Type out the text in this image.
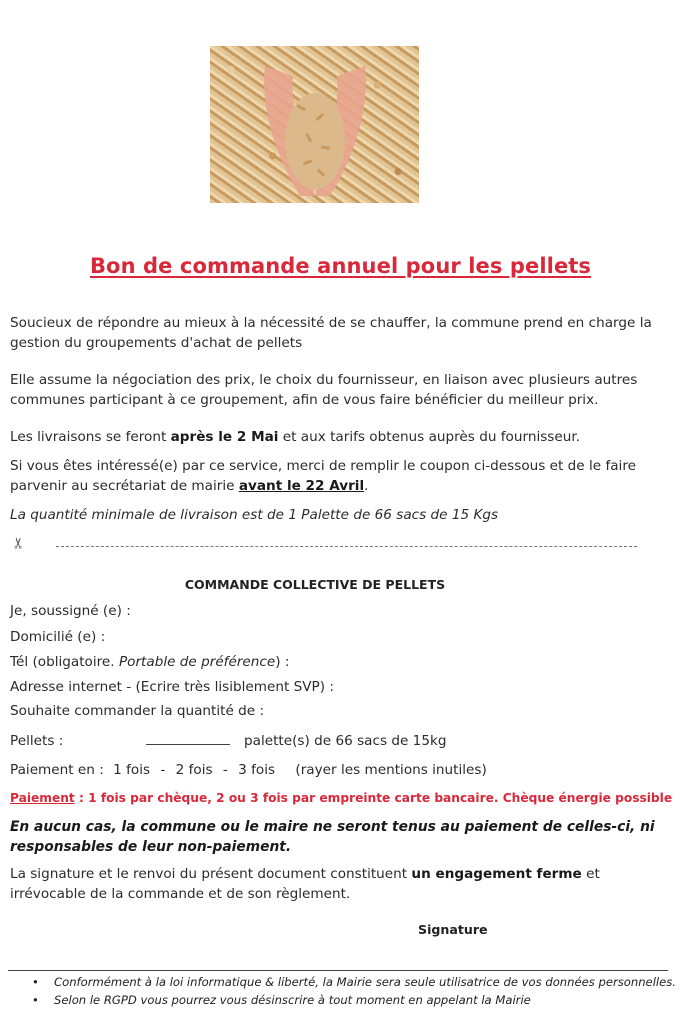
Bon de commande annuel pour les pellets
Soucieux de répondre au mieux à la nécessité de se chauffer, la commune prend en charge la gestion du groupements d'achat de pellets
Elle assume la négociation des prix, le choix du fournisseur, en liaison avec plusieurs autres communes participant à ce groupement, afin de vous faire bénéficier du meilleur prix.
Les livraisons se feront après le 2 Mai et aux tarifs obtenus auprès du fournisseur.
Si vous êtes intéressé(e) par ce service, merci de remplir le coupon ci-dessous et de le faire parvenir au secrétariat de mairie avant le 22 Avril.
La quantité minimale de livraison est de 1 Palette de 66 sacs de 15 Kgs
✂
COMMANDE COLLECTIVE DE PELLETS
Je, soussigné (e) :
Domicilié (e) :
Tél (obligatoire. Portable de préférence) :
Adresse internet - (Ecrire très lisiblement SVP) :
Souhaite commander la quantité de :
Pellets :	palette(s) de 66 sacs de 15kg
Paiement en : 1 fois - 2 fois - 3 fois (rayer les mentions inutiles)
Paiement : 1 fois par chèque, 2 ou 3 fois par empreinte carte bancaire. Chèque énergie possible
En aucun cas, la commune ou le maire ne seront tenus au paiement de celles-ci, ni responsables de leur non-paiement.
La signature et le renvoi du présent document constituent un engagement ferme et irrévocable de la commande et de son règlement.
Signature
• Conformément à la loi informatique & liberté, la Mairie sera seule utilisatrice de vos données personnelles.
• Selon le RGPD vous pourrez vous désinscrire à tout moment en appelant la Mairie
